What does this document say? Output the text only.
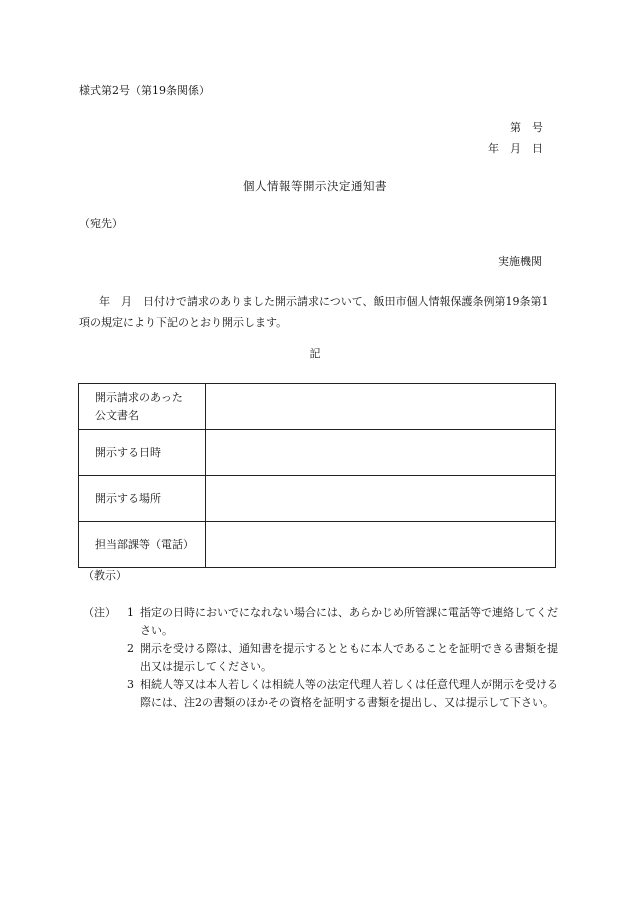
様式第2号（第19条関係）
第　号
年　月　日
個人情報等開示決定通知書
（宛先）
実施機関
年　月　日付けで請求のありました開示請求について、飯田市個人情報保護条例第19条第1項の規定により下記のとおり開示します。
記
開示請求のあった公文書名	
開示する日時	
開示する場所	
担当部課等（電話）	
（教示）
（注） 1 指定の日時においでになれない場合には、あらかじめ所管課に電話等で連絡してください。
2 開示を受ける際は、通知書を提示するとともに本人であることを証明できる書類を提出又は提示してください。
3 相続人等又は本人若しくは相続人等の法定代理人若しくは任意代理人が開示を受ける際には、注2の書類のほかその資格を証明する書類を提出し、又は提示して下さい。
